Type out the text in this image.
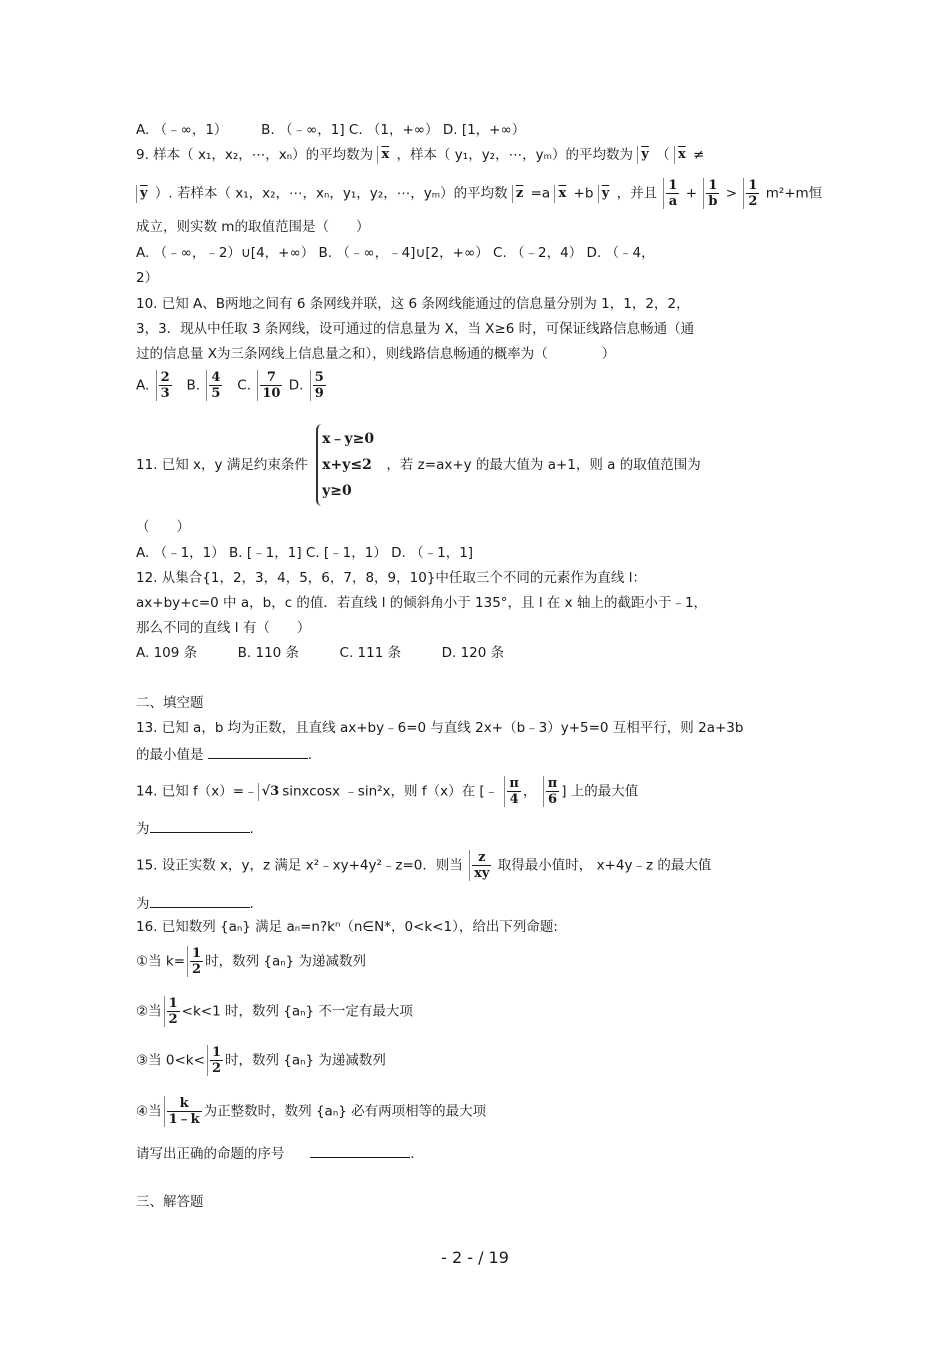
A. （﹣∞，1）　　　B. （﹣∞，1] C. （1，+∞） D. [1，+∞）
9. 样本（ x₁，x₂，⋯，xₙ）的平均数为 $\overline{x}$ ，样本（ y₁，y₂，⋯，yₘ）的平均数为 $\overline{y}$ （ $\overline{x}$ ≠
$\overline{y}$ ）. 若样本（ x₁，x₂，⋯，xₙ，y₁，y₂，⋯，yₘ）的平均数 $\overline{z} =a$ $\overline{x} +b$ $\overline{y}$ ，并且 $\frac{1}{a} + \frac{1}{b} > \frac{1}{2} m^2+m$恒
成立，则实数 m的取值范围是（　　）
A. （﹣∞，﹣2）∪[4，+∞） B. （﹣∞，﹣4]∪[2，+∞） C. （﹣2，4） D. （﹣4，
2）
10. 已知 A、B两地之间有 6 条网线并联，这 6 条网线能通过的信息量分别为 1，1，2，2，
3，3．现从中任取 3 条网线，设可通过的信息量为 X，当 X≥6 时，可保证线路信息畅通（通
过的信息量 X为三条网线上信息量之和），则线路信息畅通的概率为（　　　　）
A. $\frac{2}{3} B$. $\frac{4}{5} C$. $\frac{7}{10} D$. $\frac{5}{9}$
11. 已知 x，y 满足约束条件
x﹣y≥0
x+y≤2
y≥0
，若 z=ax+y 的最大值为 a+1，则 a 的取值范围为
（　　）
A. （﹣1，1） B. [﹣1，1] C. [﹣1，1） D. （﹣1，1]
12. 从集合{1，2，3，4，5，6，7，8，9，10}中任取三个不同的元素作为直线 l：
ax+by+c=0 中 a，b，c 的值．若直线 l 的倾斜角小于 135°，且 l 在 x 轴上的截距小于﹣1，
那么不同的直线 l 有（　　）
A. 109 条　　　B. 110 条　　　C. 111 条　　　D. 120 条
二、填空题
13. 已知 a，b 均为正数，且直线 ax+by﹣6=0 与直线 2x+（b﹣3）y+5=0 互相平行，则 2a+3b
的最小值是	.
14. 已知 f（x）=﹣ √3 sinxcosx ﹣sin²x，则 f（x）在 [﹣ $\frac{\pi}{4}$ ， $\frac{\pi}{6}$ ] 上的最大值
为	.
15. 设正实数 x，y，z 满足 x²﹣xy+4y²﹣z=0．则当 $\frac{z}{xy}$ 取得最小值时， x+4y﹣z 的最大值
为	.
16. 已知数列 {aₙ} 满足 aₙ=n?kⁿ（n∈N*，0<k<1），给出下列命题:
①当 $k= \frac{1}{2}$ 时，数列 {aₙ} 为递减数列
②当 $\frac{1}{2} <k<1$ 时，数列 {aₙ} 不一定有最大项
③当 $0<k< \frac{1}{2}$ 时，数列 {aₙ} 为递减数列
④当 $\frac{k}{1﹣k}$ 为正整数时，数列 {aₙ} 必有两项相等的最大项
请写出正确的命题的序号	.
三、解答题
- 2 - / 19
